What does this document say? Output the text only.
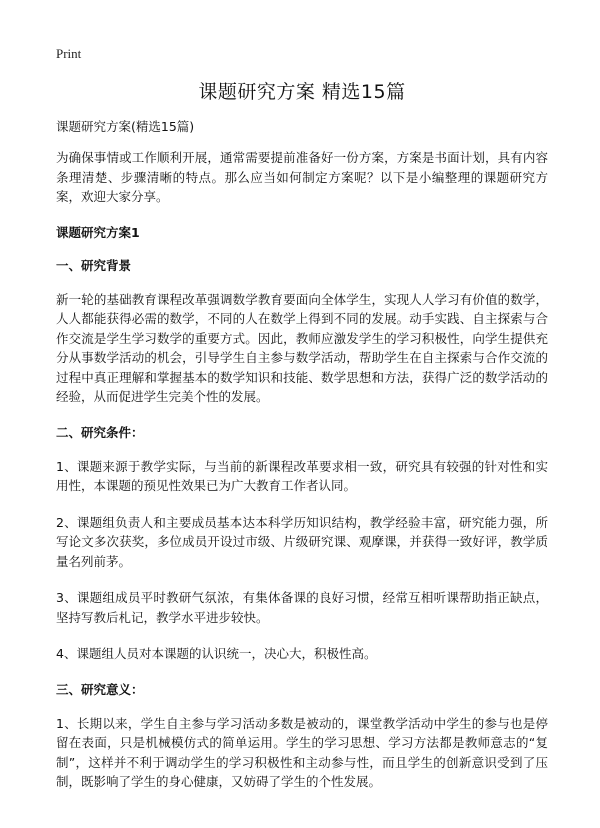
Print
课题研究方案 精选15篇

课题研究方案(精选15篇)

为确保事情或工作顺利开展，通常需要提前准备好一份方案，方案是书面计划，具有内容条理清楚、步骤清晰的特点。那么应当如何制定方案呢？以下是小编整理的课题研究方案，欢迎大家分享。

课题研究方案1

一、研究背景

新一轮的基础教育课程改革强调数学教育要面向全体学生，实现人人学习有价值的数学，人人都能获得必需的数学，不同的人在数学上得到不同的发展。动手实践、自主探索与合作交流是学生学习数学的重要方式。因此，教师应激发学生的学习积极性，向学生提供充分从事数学活动的机会，引导学生自主参与数学活动，帮助学生在自主探索与合作交流的过程中真正理解和掌握基本的数学知识和技能、数学思想和方法，获得广泛的数学活动的经验，从而促进学生完美个性的发展。

二、研究条件：

1、课题来源于教学实际，与当前的新课程改革要求相一致，研究具有较强的针对性和实用性，本课题的预见性效果已为广大教育工作者认同。

2、课题组负责人和主要成员基本达本科学历知识结构，教学经验丰富，研究能力强，所写论文多次获奖，多位成员开设过市级、片级研究课、观摩课，并获得一致好评，教学质量名列前茅。

3、课题组成员平时教研气氛浓，有集体备课的良好习惯，经常互相听课帮助指正缺点，坚持写教后札记，教学水平进步较快。

4、课题组人员对本课题的认识统一，决心大，积极性高。

三、研究意义：

1、长期以来，学生自主参与学习活动多数是被动的，课堂教学活动中学生的参与也是停留在表面，只是机械模仿式的简单运用。学生的学习思想、学习方法都是教师意志的“复制”，这样并不利于调动学生的学习积极性和主动参与性，而且学生的创新意识受到了压制，既影响了学生的身心健康，又妨碍了学生的个性发展。
